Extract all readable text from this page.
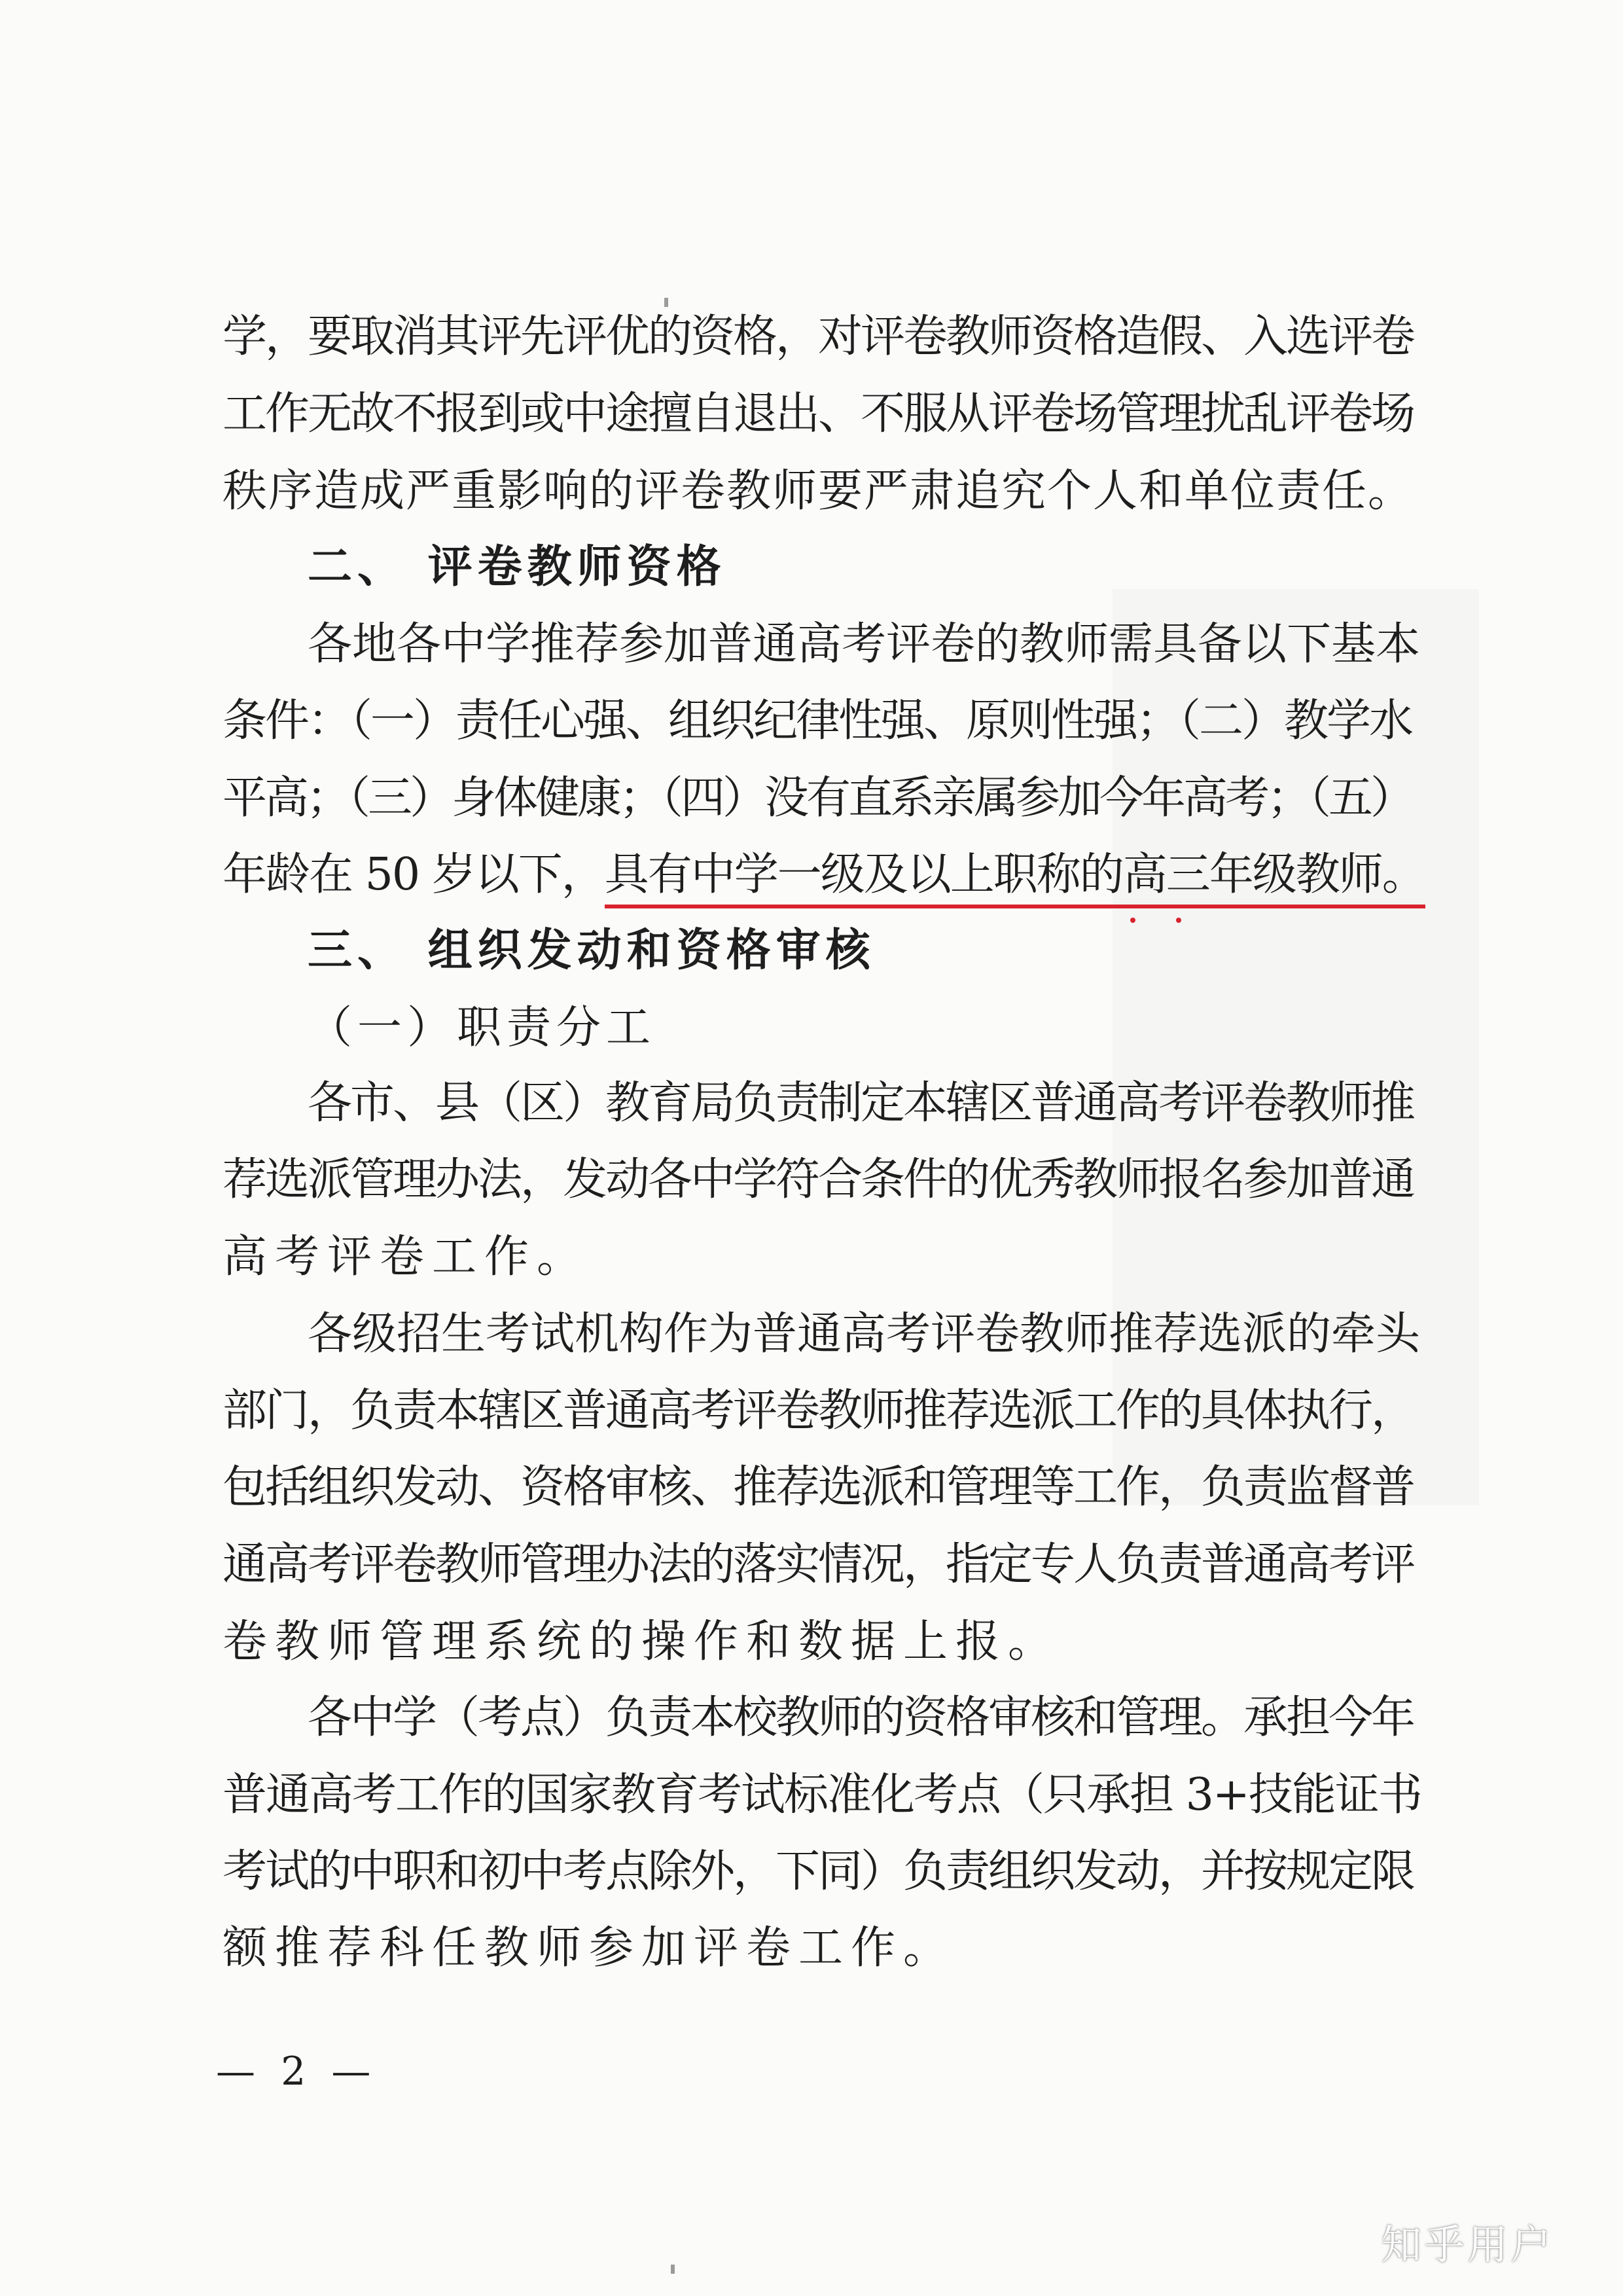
学，要取消其评先评优的资格，对评卷教师资格造假、入选评卷
工作无故不报到或中途擅自退出、不服从评卷场管理扰乱评卷场
秩序造成严重影响的评卷教师要严肃追究个人和单位责任。
二、 评卷教师资格
各地各中学推荐参加普通高考评卷的教师需具备以下基本
条件：（一）责任心强、组织纪律性强、原则性强；（二）教学水
平高；（三）身体健康；（四）没有直系亲属参加今年高考；（五）
年龄在 50 岁以下，具有中学一级及以上职称的高三年级教师。
三、 组织发动和资格审核
（一）职责分工
各市、县（区）教育局负责制定本辖区普通高考评卷教师推
荐选派管理办法，发动各中学符合条件的优秀教师报名参加普通
高考评卷工作。
各级招生考试机构作为普通高考评卷教师推荐选派的牵头
部门，负责本辖区普通高考评卷教师推荐选派工作的具体执行，
包括组织发动、资格审核、推荐选派和管理等工作，负责监督普
通高考评卷教师管理办法的落实情况，指定专人负责普通高考评
卷教师管理系统的操作和数据上报。
各中学（考点）负责本校教师的资格审核和管理。承担今年
普通高考工作的国家教育考试标准化考点（只承担 3+技能证书
考试的中职和初中考点除外，下同）负责组织发动，并按规定限
额推荐科任教师参加评卷工作。
— 2 —
知乎用户
